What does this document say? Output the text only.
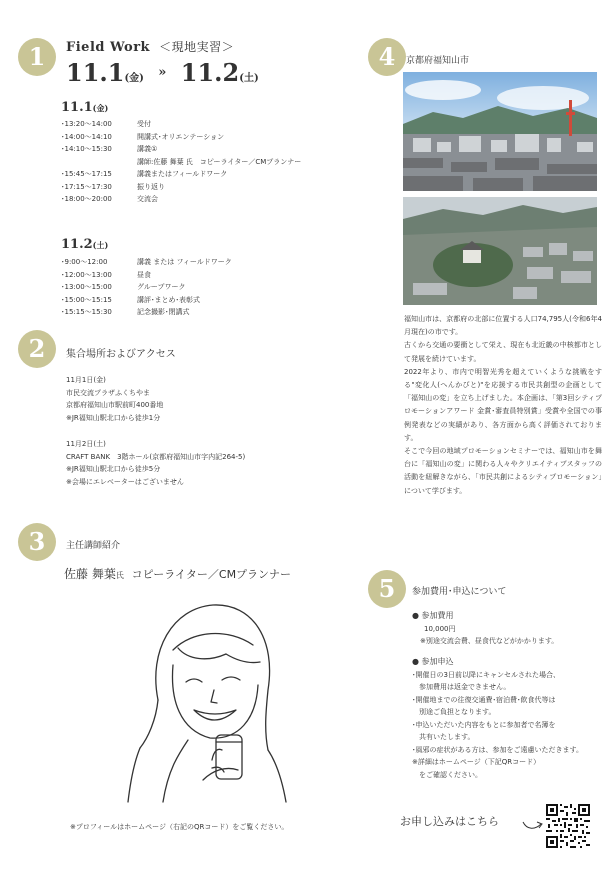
1	Field Work ＜現地実習＞
11.1(金) » 11.2(土)
11.1(金)
･13:20〜14:00	受付
･14:00〜14:10	開講式･オリエンテーション
･14:10〜15:30	講義①
講師:佐藤 舞葉 氏　コピーライター／CMプランナー
･15:45〜17:15	講義またはフィールドワーク
･17:15〜17:30	振り返り
･18:00〜20:00	交流会
11.2(土)
･9:00〜12:00	講義 または フィールドワーク
･12:00〜13:00	昼食
･13:00〜15:00	グループワーク
･15:00〜15:15	講評･まとめ･表彰式
･15:15〜15:30	記念撮影･閉講式
2	集合場所およびアクセス
11月1日(金)
市民交流プラザふくちやま
京都府福知山市駅前町400番地
※JR福知山駅北口から徒歩1分
11月2日(土)
CRAFT BANK　3階ホール(京都府福知山市字内記264-5)
※JR福知山駅北口から徒歩5分
※会場にエレベーターはございません
3	主任講師紹介
佐藤 舞葉氏 コピーライター／CMプランナー
※プロフィールはホームページ（右記のQRコード）をご覧ください。
4	京都府福知山市

福知山市は、京都府の北部に位置する人口74,795人(令和6年4月現在)の市です。

古くから交通の要衝として栄え、現在も北近畿の中核都市として発展を続けています。

2022年より、市内で明智光秀を超えていくような挑戦をする"変化人(へんかびと)"を応援する市民共創型の企画として「福知山の変」を立ち上げました。本企画は、「第3回シティプロモーションアワード 金賞･審査員特別賞」受賞や全国での事例発表などの実績があり、各方面から高く評価されております。

そこで今回の地域プロモーションセミナーでは、福知山市を舞台に「福知山の変」に関わる人々やクリエイティブスタッフの活動を紐解きながら、「市民共創によるシティプロモーション」について学びます。

5	参加費用･申込について
● 参加費用
10,000円
※別途交流会費、昼食代などがかかります。
● 参加申込
･開催日の3日前以降にキャンセルされた場合、
　参加費用は返金できません。
･開催地までの往復交通費･宿泊費･飲食代等は
　別途ご負担となります。
･申込いただいた内容をもとに参加者で名簿を
　共有いたします。
･風邪の症状がある方は、参加をご遠慮いただきます。
※詳細はホームページ（下記QRコード）
　をご確認ください。
お申し込みはこちら
